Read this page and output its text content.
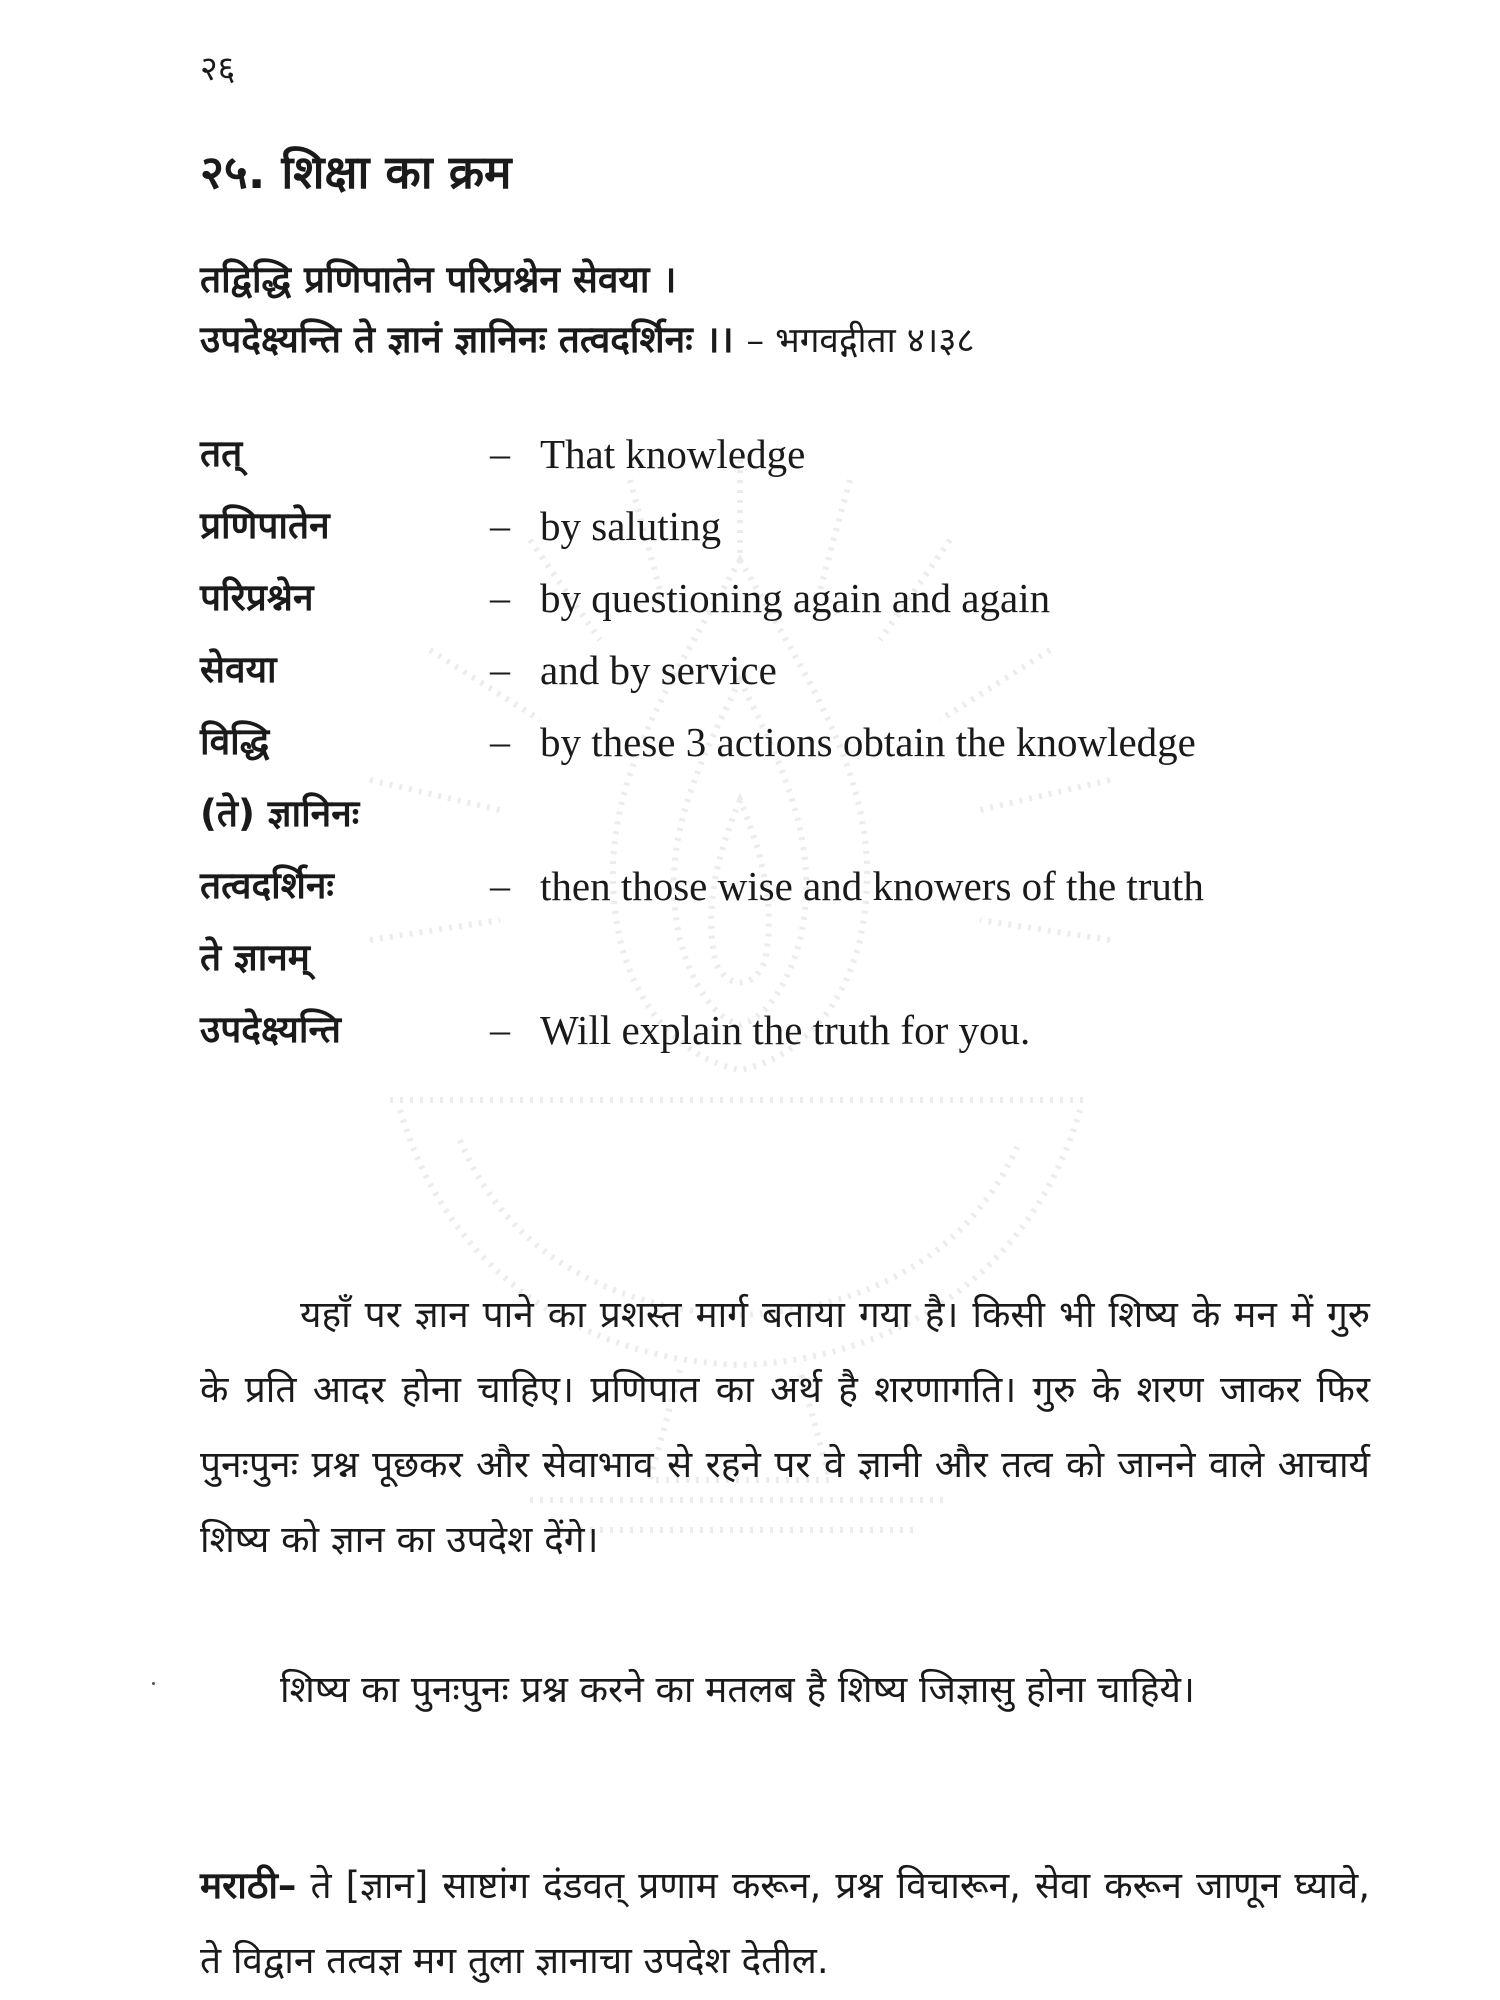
२६
२५. शिक्षा का क्रम
तद्विद्धि प्रणिपातेन परिप्रश्नेन सेवया ।
उपदेक्ष्यन्ति ते ज्ञानं ज्ञानिनः तत्वदर्शिनः ।। – भगवद्गीता ४।३८
तत्	– That knowledge
प्रणिपातेन	– by saluting
परिप्रश्नेन	– by questioning again and again
सेवया	– and by service
विद्धि	– by these 3 actions obtain the knowledge
(ते) ज्ञानिनः
तत्वदर्शिनः	– then those wise and knowers of the truth
ते ज्ञानम्
उपदेक्ष्यन्ति	– Will explain the truth for you.

यहाँ पर ज्ञान पाने का प्रशस्त मार्ग बताया गया है। किसी भी शिष्य के मन में गुरु के प्रति आदर होना चाहिए। प्रणिपात का अर्थ है शरणागति। गुरु के शरण जाकर फिर पुनःपुनः प्रश्न पूछकर और सेवाभाव से रहने पर वे ज्ञानी और तत्व को जानने वाले आचार्य शिष्य को ज्ञान का उपदेश देंगे।

शिष्य का पुनःपुनः प्रश्न करने का मतलब है शिष्य जिज्ञासु होना चाहिये।

मराठी– ते [ज्ञान] साष्टांग दंडवत् प्रणाम करून, प्रश्न विचारून, सेवा करून जाणून घ्यावे, ते विद्वान तत्वज्ञ मग तुला ज्ञानाचा उपदेश देतील.
